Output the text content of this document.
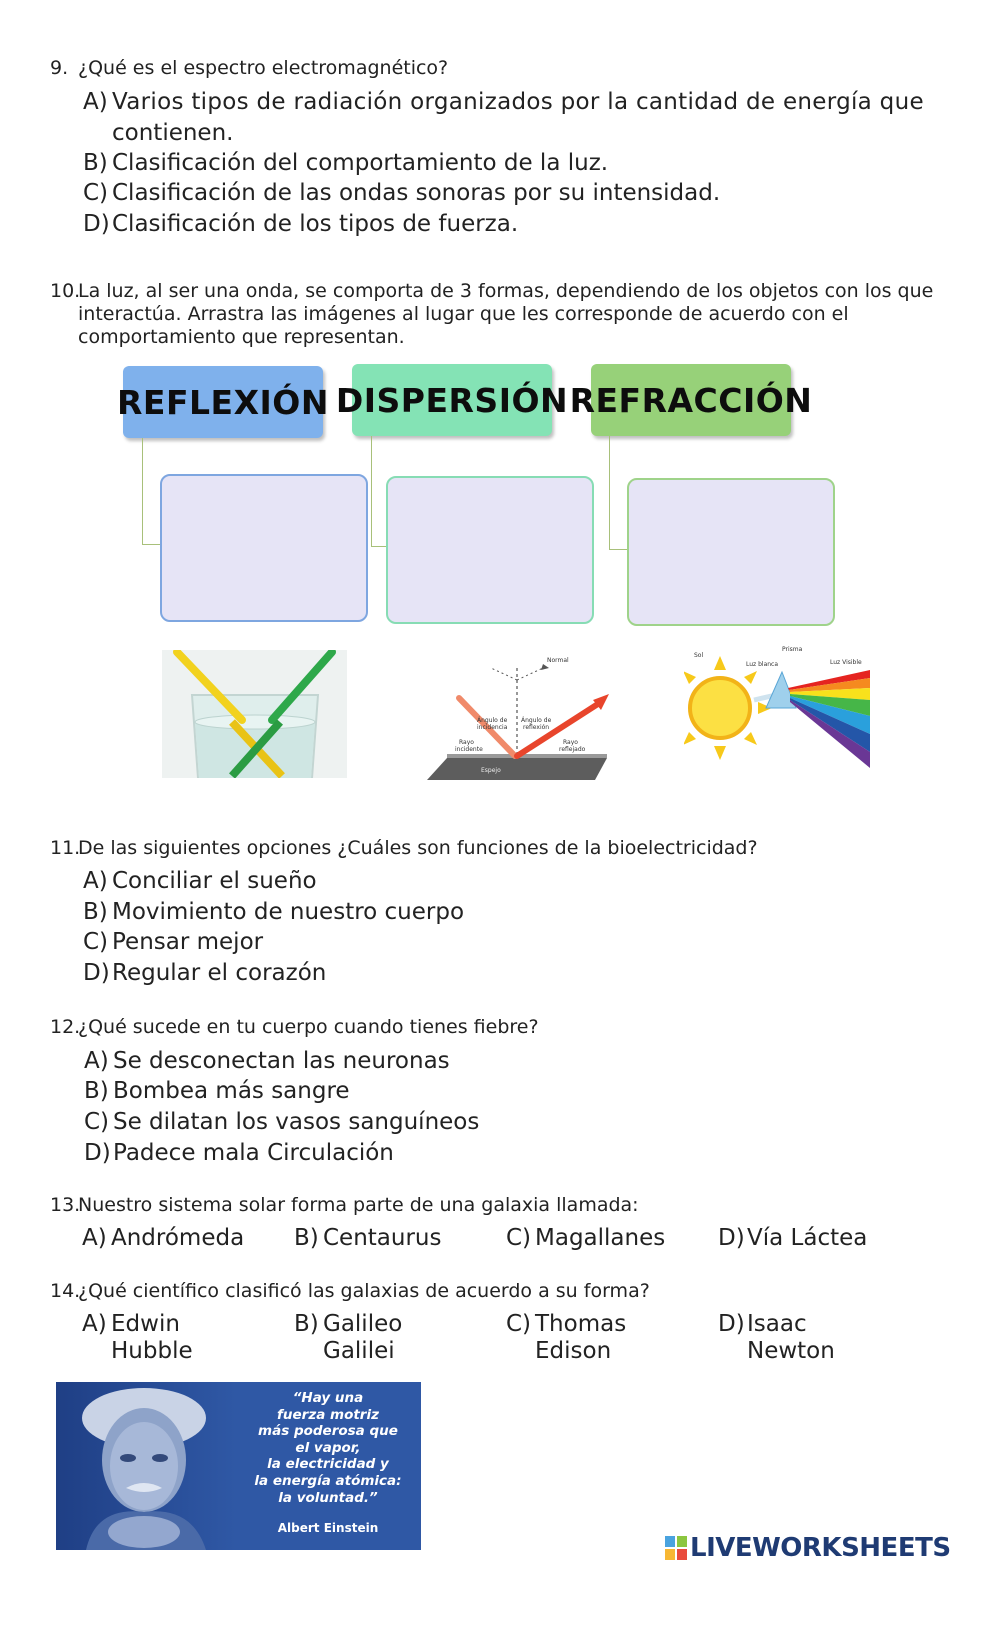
9. ¿Qué es el espectro electromagnético?
A) Varios tipos de radiación organizados por la cantidad de energía que
contienen.
B) Clasificación del comportamiento de la luz.
C) Clasificación de las ondas sonoras por su intensidad.
D) Clasificación de los tipos de fuerza.
10.
La luz, al ser una onda, se comporta de 3 formas, dependiendo de los objetos con los que
interactúa. Arrastra las imágenes al lugar que les corresponde de acuerdo con el
comportamiento que representan.
REFLEXIÓN DISPERSIÓN REFRACCIÓN
Normal
Ángulo de
incidencia
Ángulo de
reflexión
Rayo
incidente
Rayo
reflejado
Espejo
Sol
Prisma
Luz blanca	Luz Visible
11.
De las siguientes opciones ¿Cuáles son funciones de la bioelectricidad?
A) Conciliar el sueño
B) Movimiento de nuestro cuerpo
C) Pensar mejor
D) Regular el corazón
12.
¿Qué sucede en tu cuerpo cuando tienes fiebre?
A) Se desconectan las neuronas
B) Bombea más sangre
C) Se dilatan los vasos sanguíneos
D) Padece mala Circulación
13.
Nuestro sistema solar forma parte de una galaxia llamada:
A) Andrómeda B) Centaurus	C) Magallanes D) Vía Láctea
14.
¿Qué científico clasificó las galaxias de acuerdo a su forma?
A) Edwin
Hubble
B) Galileo
Galilei
C) Thomas
Edison
D) Isaac
Newton
“Hay una
fuerza motriz
más poderosa que
el vapor,
la electricidad y
la energía atómica:
la voluntad.”
Albert Einstein
LIVEWORKSHEETS
